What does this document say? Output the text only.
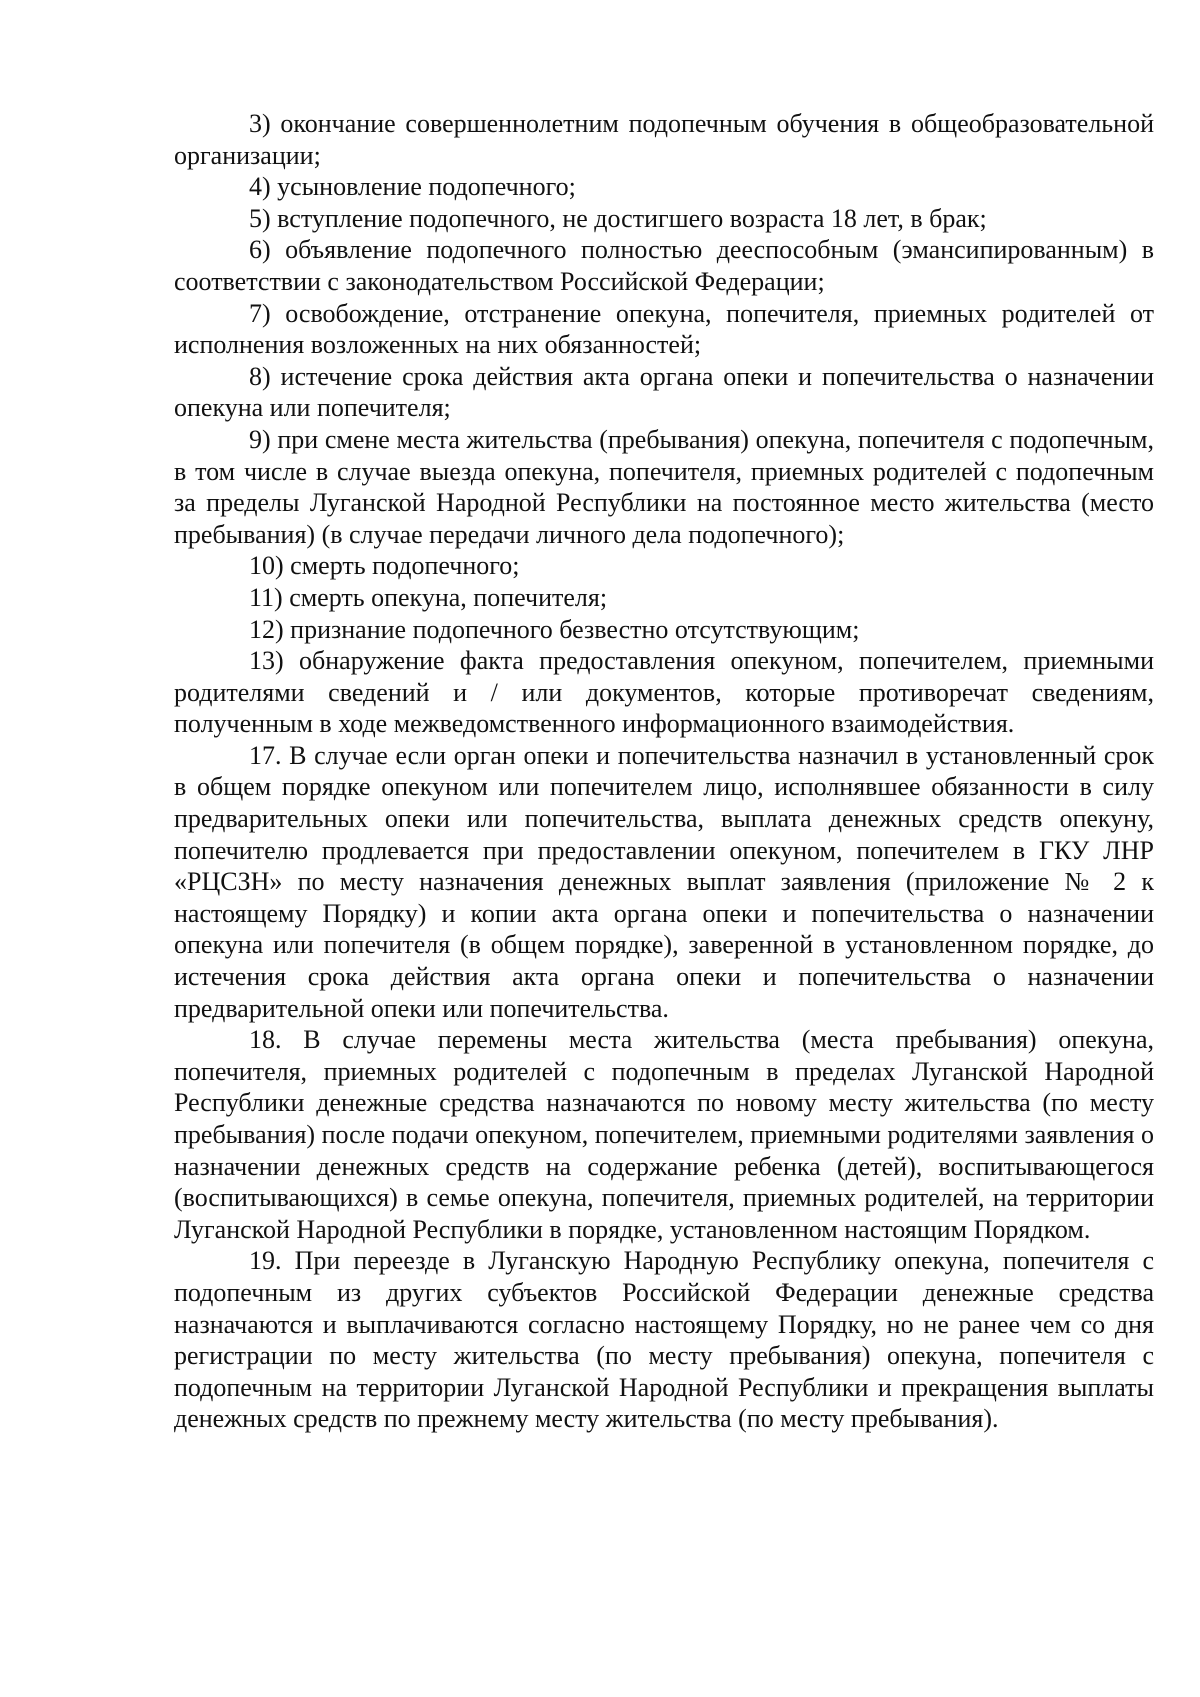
3) окончание совершеннолетним подопечным обучения в общеобразовательной организации;

4) усыновление подопечного;

5) вступление подопечного, не достигшего возраста 18 лет, в брак;

6) объявление подопечного полностью дееспособным (эмансипированным) в соответствии с законодательством Российской Федерации;

7) освобождение, отстранение опекуна, попечителя, приемных родителей от исполнения возложенных на них обязанностей;

8) истечение срока действия акта органа опеки и попечительства о назначении опекуна или попечителя;

9) при смене места жительства (пребывания) опекуна, попечителя с подопечным, в том числе в случае выезда опекуна, попечителя, приемных родителей с подопечным за пределы Луганской Народной Республики на постоянное место жительства (место пребывания) (в случае передачи личного дела подопечного);

10) смерть подопечного;

11) смерть опекуна, попечителя;

12) признание подопечного безвестно отсутствующим;

13) обнаружение факта предоставления опекуном, попечителем, приемными родителями сведений и / или документов, которые противоречат сведениям, полученным в ходе межведомственного информационного взаимодействия.

17. В случае если орган опеки и попечительства назначил в установленный срок в общем порядке опекуном или попечителем лицо, исполнявшее обязанности в силу предварительных опеки или попечительства, выплата денежных средств опекуну, попечителю продлевается при предоставлении опекуном, попечителем в ГКУ ЛНР «РЦСЗН» по месту назначения денежных выплат заявления (приложение № 2 к настоящему Порядку) и копии акта органа опеки и попечительства о назначении опекуна или попечителя (в общем порядке), заверенной в установленном порядке, до истечения срока действия акта органа опеки и попечительства о назначении предварительной опеки или попечительства.

18. В случае перемены места жительства (места пребывания) опекуна, попечителя, приемных родителей с подопечным в пределах Луганской Народной Республики денежные средства назначаются по новому месту жительства (по месту пребывания) после подачи опекуном, попечителем, приемными родителями заявления о назначении денежных средств на содержание ребенка (детей), воспитывающегося (воспитывающихся) в семье опекуна, попечителя, приемных родителей, на территории Луганской Народной Республики в порядке, установленном настоящим Порядком.

19. При переезде в Луганскую Народную Республику опекуна, попечителя с подопечным из других субъектов Российской Федерации денежные средства назначаются и выплачиваются согласно настоящему Порядку, но не ранее чем со дня регистрации по месту жительства (по месту пребывания) опекуна, попечителя с подопечным на территории Луганской Народной Республики и прекращения выплаты денежных средств по прежнему месту жительства (по месту пребывания).
